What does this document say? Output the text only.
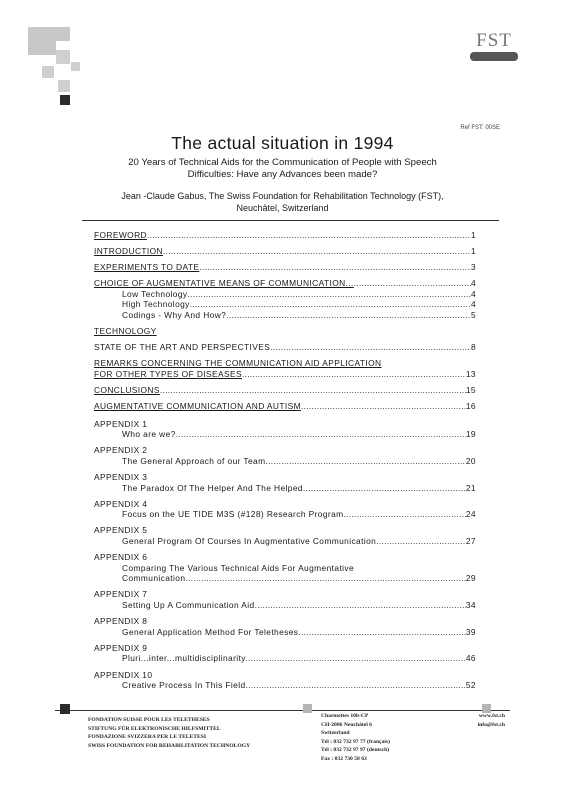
FST
Ref FST: 00SE
The actual situation in 1994
20 Years of Technical Aids for the Communication of People with Speech Difficulties: Have any Advances been made?
Jean -Claude Gabus, The Swiss Foundation for Rehabilitation Technology (FST),
Neuchâtel, Switzerland
FOREWORD .....	1
INTRODUCTION .....	1
EXPERIMENTS TO DATE .....	3
CHOICE OF AUGMENTATIVE MEANS OF COMMUNICATION... .....	4
Low Technology .....	4
High Technology .....	4
Codings - Why And How? .....	5
TECHNOLOGY
STATE OF THE ART AND PERSPECTIVES .....	8
REMARKS CONCERNING THE COMMUNICATION AID APPLICATION
FOR OTHER TYPES OF DISEASES .....	13
CONCLUSIONS .....	15
AUGMENTATIVE COMMUNICATION AND AUTISM .....	16
APPENDIX 1
Who are we? .....	19
APPENDIX 2
The General Approach of our Team .....	20
APPENDIX 3
The Paradox Of The Helper And The Helped .....	21
APPENDIX 4
Focus on the UE TIDE M3S (#128) Research Program .....	24
APPENDIX 5
General Program Of Courses In Augmentative Communication .....	27
APPENDIX 6
Comparing The Various Technical Aids For Augmentative
Communication .....	29
APPENDIX 7
Setting Up A Communication Aid .....	34
APPENDIX 8
General Application Method For Teletheses .....	39
APPENDIX 9
Pluri...inter...multidisciplinarity... .....	46
APPENDIX 10
Creative Process In This Field .....	52
FONDATION SUISSE POUR LES TELETHESES
STIFTUNG FÜR ELEKTRONISCHE HILFSMITTEL
FONDAZIONE SVIZZERA PER LE TELETESI
SWISS FOUNDATION FOR REHABILITATION TECHNOLOGY
Charmettes 10b-CP
CH-2006 Neuchâtel 6
Switzerland
Tél : 032 732 97 77 (français)
Tél : 032 732 97 97 (deutsch)
Fax : 032 730 58 63
www.fst.ch
info@fst.ch
